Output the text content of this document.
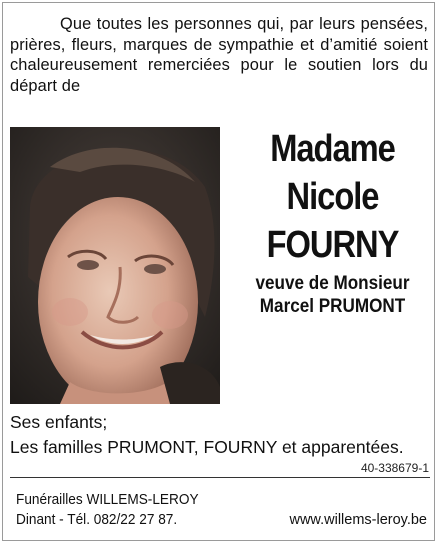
Que toutes les personnes qui, par leurs pensées, prières, fleurs, marques de sympathie et d’amitié soient chaleureusement remerciées pour le soutien lors du départ de
Madame
Nicole
FOURNY
veuve de Monsieur
Marcel PRUMONT
Ses enfants;
Les familles PRUMONT, FOURNY et apparentées.
40-338679-1
Funérailles WILLEMS-LEROY
Dinant - Tél. 082/22 27 87.	www.willems-leroy.be
